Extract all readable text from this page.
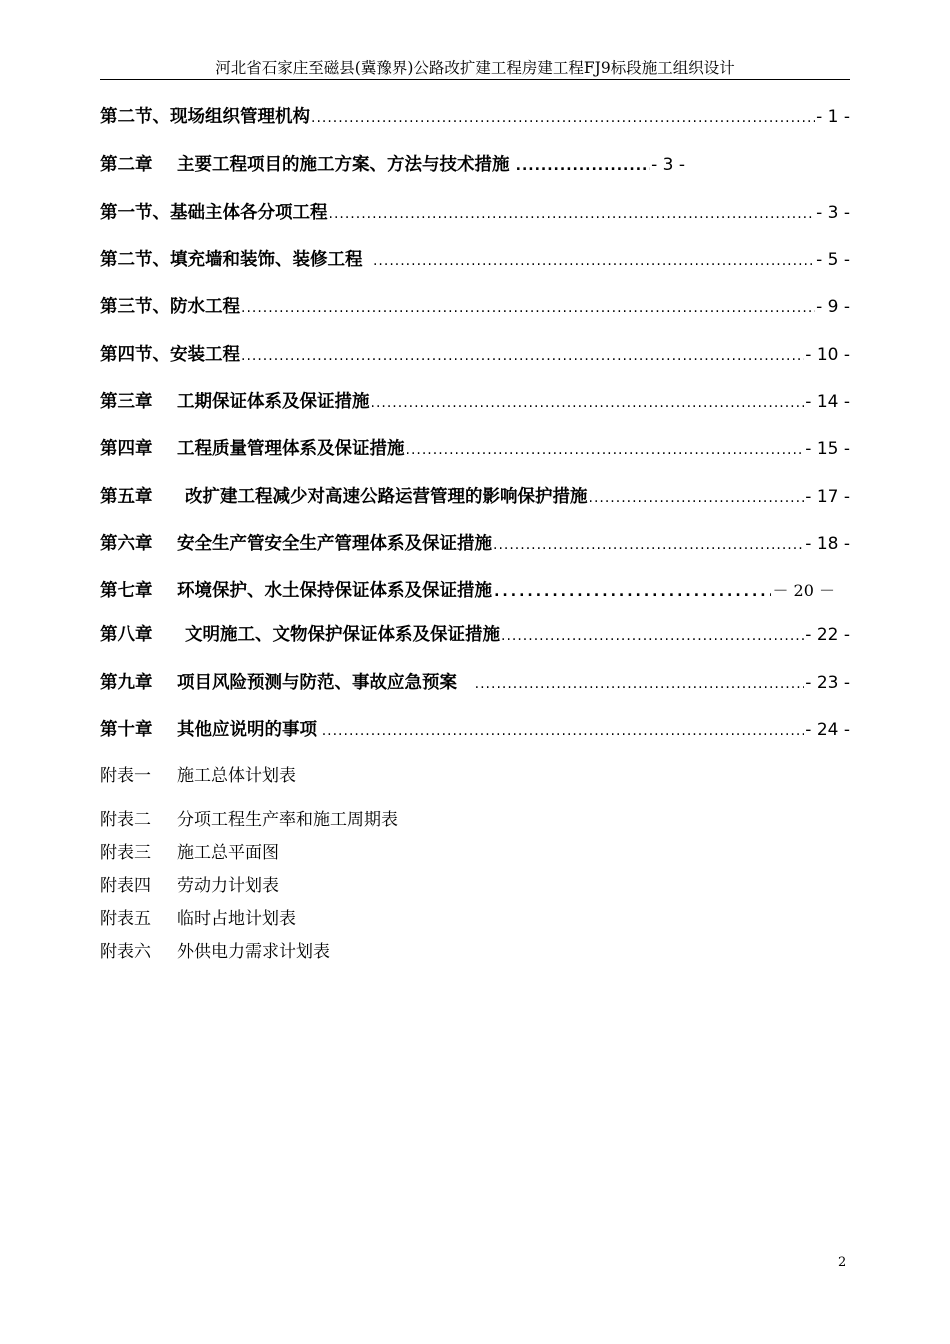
河北省石家庄至磁县(冀豫界)公路改扩建工程房建工程FJ9标段施工组织设计
第二节、现场组织管理机构 .....	- 1 -
第二章 主要工程项目的施工方案、方法与技术措施 .....	- 3 -
第一节、基础主体各分项工程 .....	- 3 -
第二节、填充墙和装饰、装修工程 .....	- 5 -
第三节、防水工程 .....	- 9 -
第四节、安装工程 .....	- 10 -
第三章 工期保证体系及保证措施 .....	- 14 -
第四章 工程质量管理体系及保证措施 .....	- 15 -
第五章 改扩建工程减少对高速公路运营管理的影响保护措施 .....	- 17 -
第六章 安全生产管安全生产管理体系及保证措施 .....	- 18 -
第七章 环境保护、水土保持保证体系及保证措施 .....	－ 20 －
第八章 文明施工、文物保护保证体系及保证措施 .....	- 22 -
第九章 项目风险预测与防范、事故应急预案 .....	- 23 -
第十章 其他应说明的事项 .....	- 24 -
附表一 施工总体计划表
附表二 分项工程生产率和施工周期表
附表三 施工总平面图
附表四 劳动力计划表
附表五 临时占地计划表
附表六 外供电力需求计划表
2
